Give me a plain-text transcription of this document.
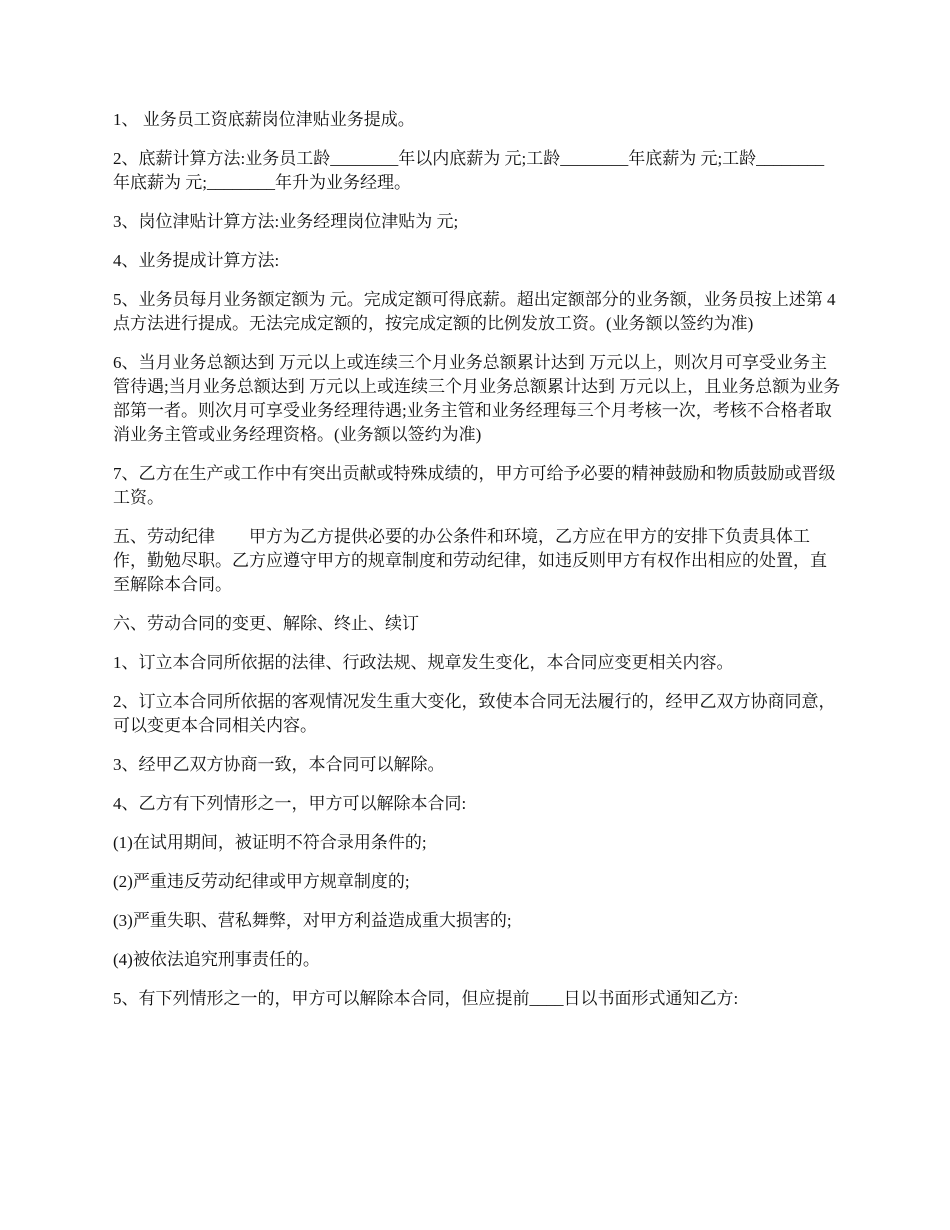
1、 业务员工资底薪岗位津贴业务提成。

2、底薪计算方法:业务员工龄________年以内底薪为 元;工龄________年底薪为 元;工龄________年底薪为 元;________年升为业务经理。

3、岗位津贴计算方法:业务经理岗位津贴为 元;

4、业务提成计算方法:

5、业务员每月业务额定额为 元。完成定额可得底薪。超出定额部分的业务额，业务员按上述第 4 点方法进行提成。无法完成定额的，按完成定额的比例发放工资。(业务额以签约为准)

6、当月业务总额达到 万元以上或连续三个月业务总额累计达到 万元以上，则次月可享受业务主管待遇;当月业务总额达到 万元以上或连续三个月业务总额累计达到 万元以上，且业务总额为业务部第一者。则次月可享受业务经理待遇;业务主管和业务经理每三个月考核一次，考核不合格者取消业务主管或业务经理资格。(业务额以签约为准)

7、乙方在生产或工作中有突出贡献或特殊成绩的，甲方可给予必要的精神鼓励和物质鼓励或晋级工资。

五、劳动纪律　　甲方为乙方提供必要的办公条件和环境，乙方应在甲方的安排下负责具体工作，勤勉尽职。乙方应遵守甲方的规章制度和劳动纪律，如违反则甲方有权作出相应的处置，直至解除本合同。

六、劳动合同的变更、解除、终止、续订

1、订立本合同所依据的法律、行政法规、规章发生变化，本合同应变更相关内容。

2、订立本合同所依据的客观情况发生重大变化，致使本合同无法履行的，经甲乙双方协商同意，可以变更本合同相关内容。

3、经甲乙双方协商一致，本合同可以解除。

4、乙方有下列情形之一，甲方可以解除本合同:

(1)在试用期间，被证明不符合录用条件的;

(2)严重违反劳动纪律或甲方规章制度的;

(3)严重失职、营私舞弊，对甲方利益造成重大损害的;

(4)被依法追究刑事责任的。

5、有下列情形之一的，甲方可以解除本合同，但应提前____日以书面形式通知乙方:
